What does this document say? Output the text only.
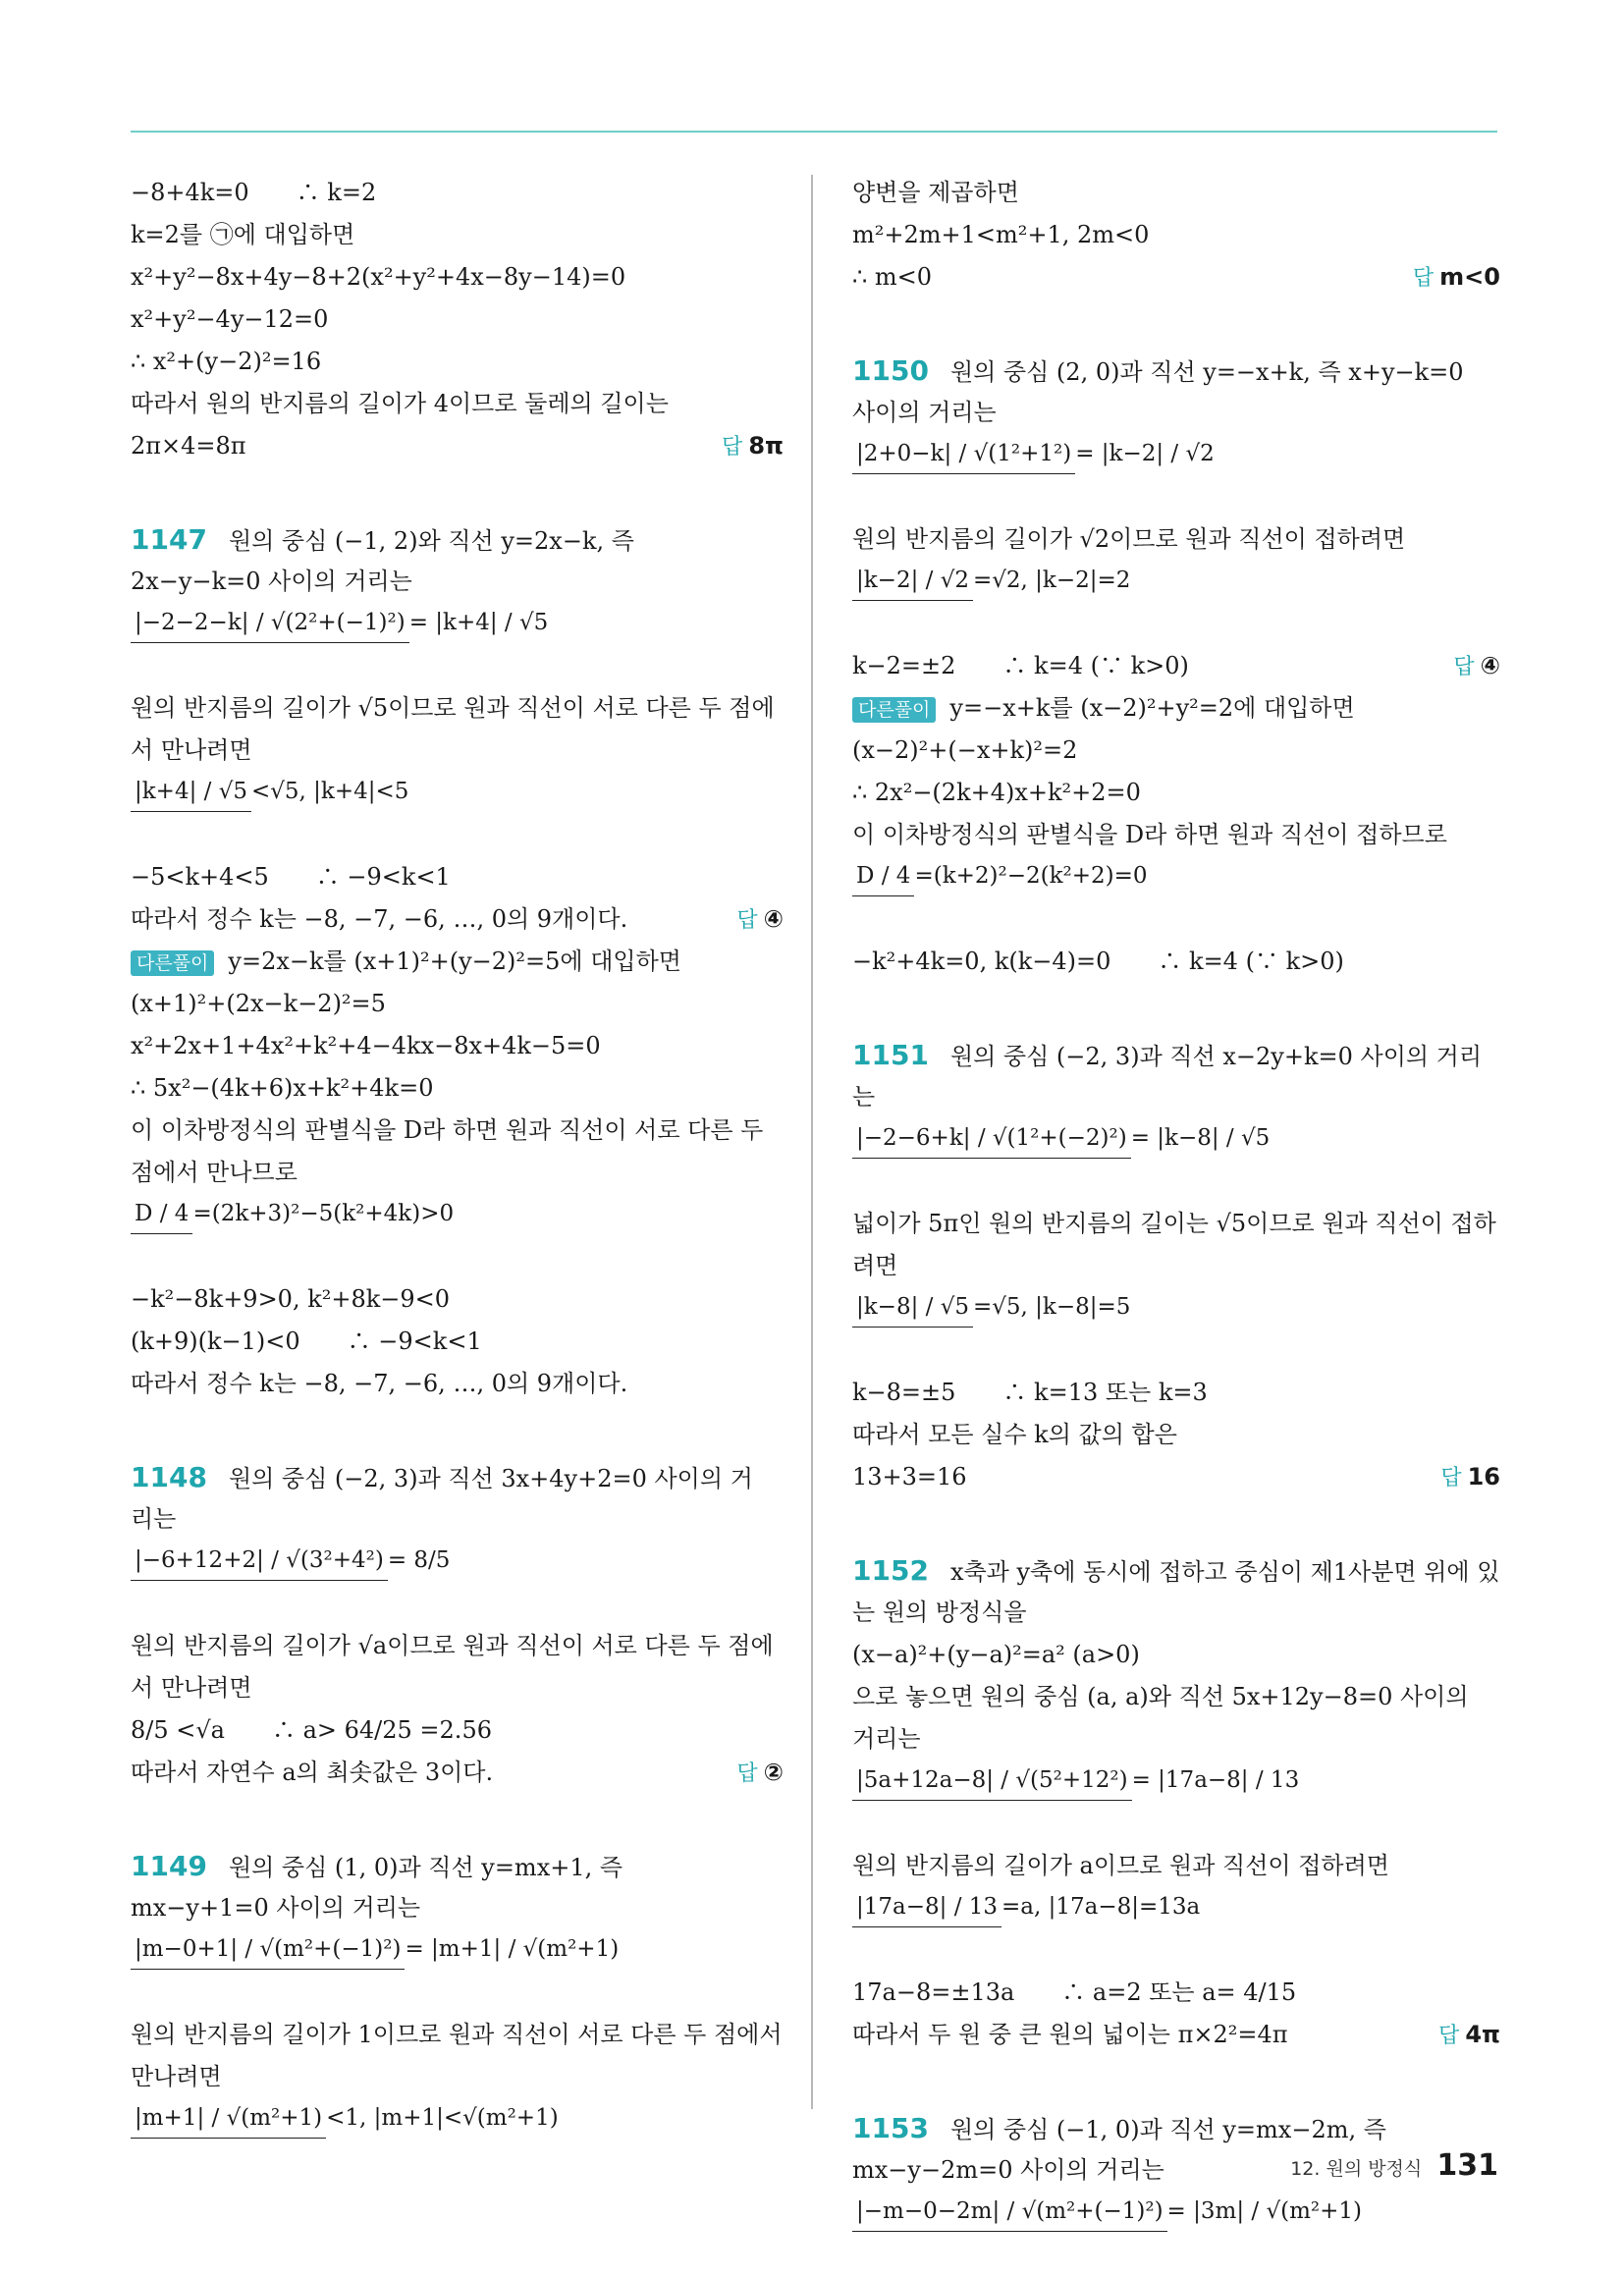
−8+4k=0　　∴ k=2
k=2를 ㉠에 대입하면
x²+y²−8x+4y−8+2(x²+y²+4x−8y−14)=0
x²+y²−4y−12=0
∴ x²+(y−2)²=16
따라서 원의 반지름의 길이가 4이므로 둘레의 길이는
2π×4=8π	답 8π
1147 원의 중심 (−1, 2)와 직선 y=2x−k, 즉
2x−y−k=0 사이의 거리는
|−2−2−k| / √(2²+(−1)²) = |k+4| / √5
원의 반지름의 길이가 √5이므로 원과 직선이 서로 다른 두 점에
서 만나려면
|k+4| / √5 <√5, |k+4|<5
−5<k+4<5　　∴ −9<k<1
따라서 정수 k는 −8, −7, −6, …, 0의 9개이다.	답 ④
다른풀이 y=2x−k를 (x+1)²+(y−2)²=5에 대입하면
(x+1)²+(2x−k−2)²=5
x²+2x+1+4x²+k²+4−4kx−8x+4k−5=0
∴ 5x²−(4k+6)x+k²+4k=0
이 이차방정식의 판별식을 D라 하면 원과 직선이 서로 다른 두
점에서 만나므로
D / 4 =(2k+3)²−5(k²+4k)>0
−k²−8k+9>0, k²+8k−9<0
(k+9)(k−1)<0　　∴ −9<k<1
따라서 정수 k는 −8, −7, −6, …, 0의 9개이다.
1148 원의 중심 (−2, 3)과 직선 3x+4y+2=0 사이의 거
리는
|−6+12+2| / √(3²+4²) = 8/5
원의 반지름의 길이가 √a이므로 원과 직선이 서로 다른 두 점에
서 만나려면
8/5 <√a　　∴ a> 64/25 =2.56
따라서 자연수 a의 최솟값은 3이다.	답 ②
1149 원의 중심 (1, 0)과 직선 y=mx+1, 즉
mx−y+1=0 사이의 거리는
|m−0+1| / √(m²+(−1)²) = |m+1| / √(m²+1)
원의 반지름의 길이가 1이므로 원과 직선이 서로 다른 두 점에서
만나려면
|m+1| / √(m²+1) <1, |m+1|<√(m²+1)
양변을 제곱하면
m²+2m+1<m²+1, 2m<0
∴ m<0	답 m<0
1150 원의 중심 (2, 0)과 직선 y=−x+k, 즉 x+y−k=0
사이의 거리는
|2+0−k| / √(1²+1²) = |k−2| / √2
원의 반지름의 길이가 √2이므로 원과 직선이 접하려면
|k−2| / √2 =√2, |k−2|=2
k−2=±2　　∴ k=4 (∵ k>0)	답 ④
다른풀이 y=−x+k를 (x−2)²+y²=2에 대입하면
(x−2)²+(−x+k)²=2
∴ 2x²−(2k+4)x+k²+2=0
이 이차방정식의 판별식을 D라 하면 원과 직선이 접하므로
D / 4 =(k+2)²−2(k²+2)=0
−k²+4k=0, k(k−4)=0　　∴ k=4 (∵ k>0)
1151 원의 중심 (−2, 3)과 직선 x−2y+k=0 사이의 거리
는
|−2−6+k| / √(1²+(−2)²) = |k−8| / √5
넓이가 5π인 원의 반지름의 길이는 √5이므로 원과 직선이 접하
려면
|k−8| / √5 =√5, |k−8|=5
k−8=±5　　∴ k=13 또는 k=3
따라서 모든 실수 k의 값의 합은
13+3=16	답 16
1152 x축과 y축에 동시에 접하고 중심이 제1사분면 위에 있
는 원의 방정식을
(x−a)²+(y−a)²=a² (a>0)
으로 놓으면 원의 중심 (a, a)와 직선 5x+12y−8=0 사이의
거리는
|5a+12a−8| / √(5²+12²) = |17a−8| / 13
원의 반지름의 길이가 a이므로 원과 직선이 접하려면
|17a−8| / 13 =a, |17a−8|=13a
17a−8=±13a　　∴ a=2 또는 a= 4/15
따라서 두 원 중 큰 원의 넓이는 π×2²=4π	답 4π
1153 원의 중심 (−1, 0)과 직선 y=mx−2m, 즉
mx−y−2m=0 사이의 거리는
|−m−0−2m| / √(m²+(−1)²) = |3m| / √(m²+1)
12. 원의 방정식 131
